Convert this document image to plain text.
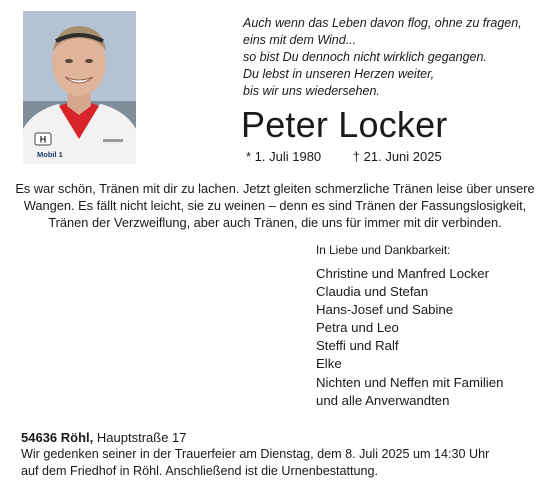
H
Mobil 1
Auch wenn das Leben davon flog, ohne zu fragen,
eins mit dem Wind...
so bist Du dennoch nicht wirklich gegangen.
Du lebst in unseren Herzen weiter,
bis wir uns wiedersehen.
Peter Locker
* 1. Juli 1980 † 21. Juni 2025
Es war schön, Tränen mit dir zu lachen. Jetzt gleiten schmerzliche Tränen leise über unsere
Wangen. Es fällt nicht leicht, sie zu weinen – denn es sind Tränen der Fassungslosigkeit,
Tränen der Verzweiflung, aber auch Tränen, die uns für immer mit dir verbinden.
In Liebe und Dankbarkeit:
Christine und Manfred Locker
Claudia und Stefan
Hans-Josef und Sabine
Petra und Leo
Steffi und Ralf
Elke
Nichten und Neffen mit Familien
und alle Anverwandten
54636 Röhl, Hauptstraße 17
Wir gedenken seiner in der Trauerfeier am Dienstag, dem 8. Juli 2025 um 14:30 Uhr
auf dem Friedhof in Röhl. Anschließend ist die Urnenbestattung.
